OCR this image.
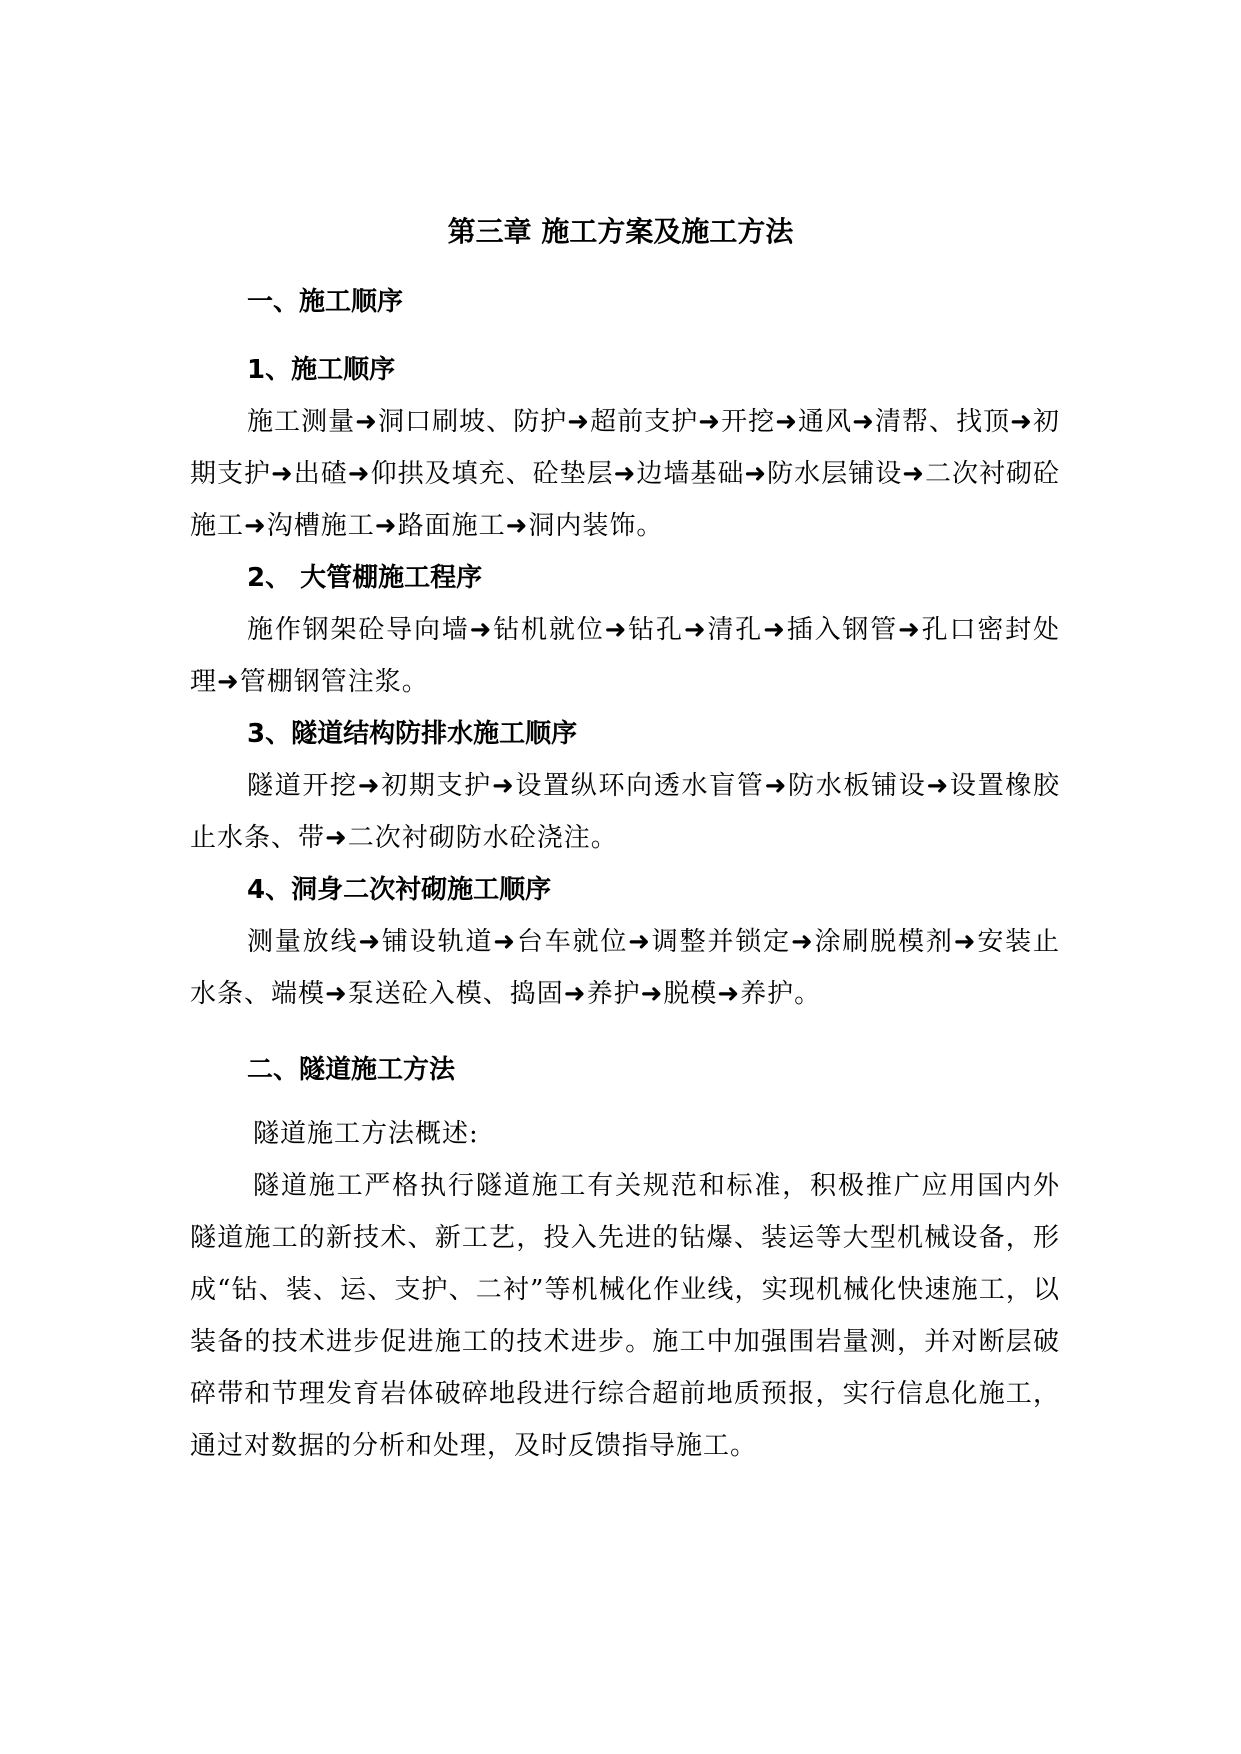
第三章 施工方案及施工方法
一、施工顺序
1、施工顺序
施工测量➜洞口刷坡、防护➜超前支护➜开挖➜通风➜清帮、找顶➜初期支护➜出碴➜仰拱及填充、砼垫层➜边墙基础➜防水层铺设➜二次衬砌砼施工➜沟槽施工➜路面施工➜洞内装饰。
2、 大管棚施工程序
施作钢架砼导向墙➜钻机就位➜钻孔➜清孔➜插入钢管➜孔口密封处理➜管棚钢管注浆。
3、隧道结构防排水施工顺序
隧道开挖➜初期支护➜设置纵环向透水盲管➜防水板铺设➜设置橡胶止水条、带➜二次衬砌防水砼浇注。
4、洞身二次衬砌施工顺序
测量放线➜铺设轨道➜台车就位➜调整并锁定➜涂刷脱模剂➜安装止水条、端模➜泵送砼入模、捣固➜养护➜脱模➜养护。
二、隧道施工方法
隧道施工方法概述:
隧道施工严格执行隧道施工有关规范和标准，积极推广应用国内外隧道施工的新技术、新工艺，投入先进的钻爆、装运等大型机械设备，形成“钻、装、运、支护、二衬”等机械化作业线，实现机械化快速施工，以装备的技术进步促进施工的技术进步。施工中加强围岩量测，并对断层破碎带和节理发育岩体破碎地段进行综合超前地质预报，实行信息化施工，通过对数据的分析和处理，及时反馈指导施工。
